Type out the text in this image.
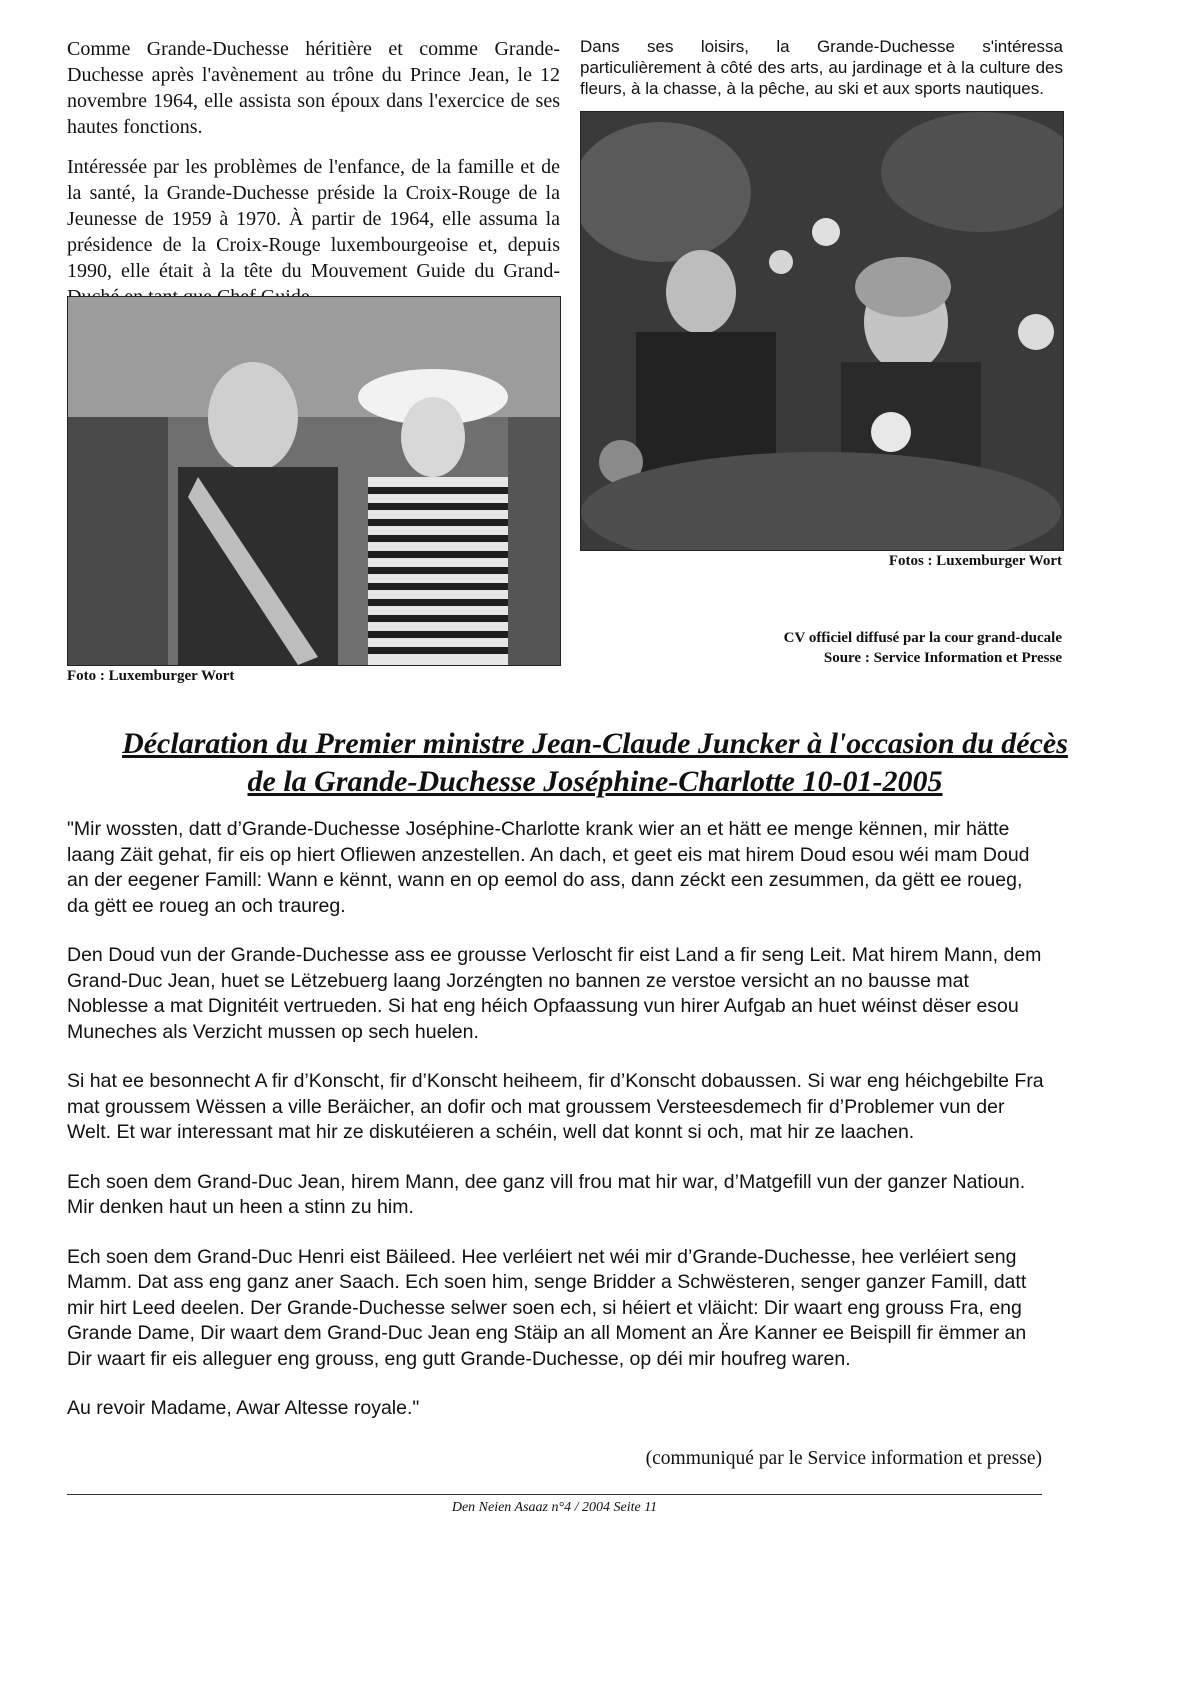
Comme Grande-Duchesse héritière et comme Grande-Duchesse après l'avènement au trône du Prince Jean, le 12 novembre 1964, elle assista son époux dans l'exercice de ses hautes fonctions.

Intéressée par les problèmes de l'enfance, de la famille et de la santé, la Grande-Duchesse préside la Croix-Rouge de la Jeunesse de 1959 à 1970. À partir de 1964, elle assuma la présidence de la Croix-Rouge luxembourgeoise et, depuis 1990, elle était à la tête du Mouvement Guide du Grand-

Foto : Luxemburger Wort

Dans ses loisirs, la Grande-Duchesse s'intéressa particulièrement à côté des arts, au jardinage et à la culture des fleurs, à la chasse, à la pêche, au ski et aux sports nautiques.

Fotos : Luxemburger Wort
CV officiel diffusé par la cour grand-ducale
Soure : Service Information et Presse

Déclaration du Premier ministre Jean-Claude Juncker à l'occasion du décès

de la Grande-Duchesse Joséphine-Charlotte 10-01-2005

"Mir wossten, datt d’Grande-Duchesse Joséphine-Charlotte krank wier an et hätt ee menge kënnen, mir hätte laang Zäit gehat, fir eis op hiert Ofliewen anzestellen. An dach, et geet eis mat hirem Doud esou wéi mam Doud an der eegener Famill: Wann e kënnt, wann en op eemol do ass, dann zéckt een zesummen, da gëtt ee roueg, da gëtt ee roueg an och traureg.

Den Doud vun der Grande-Duchesse ass ee grousse Verloscht fir eist Land a fir seng Leit. Mat hirem Mann, dem Grand-Duc Jean, huet se Lëtzebuerg laang Jorzéngten no bannen ze verstoe versicht an no bausse mat Noblesse a mat Dignitéit vertrueden. Si hat eng héich Opfaassung vun hirer Aufgab an huet wéinst dëser esou Muneches als Verzicht mussen op sech huelen.

Si hat ee besonnecht A fir d’Konscht, fir d’Konscht heiheem, fir d’Konscht dobaussen. Si war eng héichgebilte Fra mat groussem Wëssen a ville Beräicher, an dofir och mat groussem Versteesdemech fir d’Problemer vun der Welt. Et war interessant mat hir ze diskutéieren a schéin, well dat konnt si och, mat hir ze laachen.

Ech soen dem Grand-Duc Jean, hirem Mann, dee ganz vill frou mat hir war, d’Matgefill vun der ganzer Natioun. Mir denken haut un heen a stinn zu him.

Ech soen dem Grand-Duc Henri eist Bäileed. Hee verléiert net wéi mir d’Grande-Duchesse, hee verléiert seng Mamm. Dat ass eng ganz aner Saach. Ech soen him, senge Bridder a Schwësteren, senger ganzer Famill, datt mir hirt Leed deelen. Der Grande-Duchesse selwer soen ech, si héiert et vläicht: Dir waart eng grouss Fra, eng Grande Dame, Dir waart dem Grand-Duc Jean eng Stäip an all Moment an Äre Kanner ee Beispill fir ëmmer an Dir waart fir eis alleguer eng grouss, eng gutt Grande-Duchesse, op déi mir houfreg waren.

Au revoir Madame, Awar Altesse royale."

(communiqué par le Service information et presse)
Den Neien Asaaz n°4 / 2004 Seite 11
